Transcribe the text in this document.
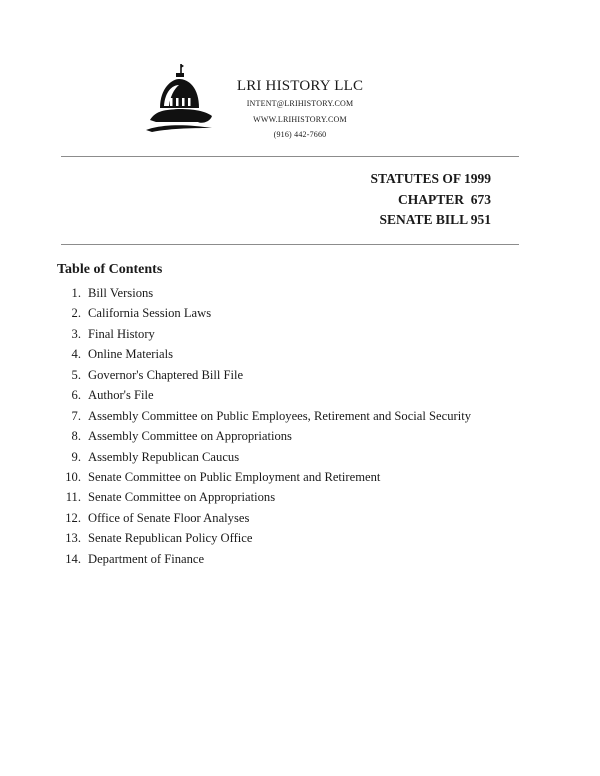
LRI HISTORY LLC
INTENT@LRIHISTORY.COM
WWW.LRIHISTORY.COM
(916) 442-7660
STATUTES OF 1999
CHAPTER  673
SENATE BILL 951
Table of Contents
1. Bill Versions
2. California Session Laws
3. Final History
4. Online Materials
5. Governor's Chaptered Bill File
6. Author's File
7. Assembly Committee on Public Employees, Retirement and Social Security
8. Assembly Committee on Appropriations
9. Assembly Republican Caucus
10. Senate Committee on Public Employment and Retirement
11. Senate Committee on Appropriations
12. Office of Senate Floor Analyses
13. Senate Republican Policy Office
14. Department of Finance
